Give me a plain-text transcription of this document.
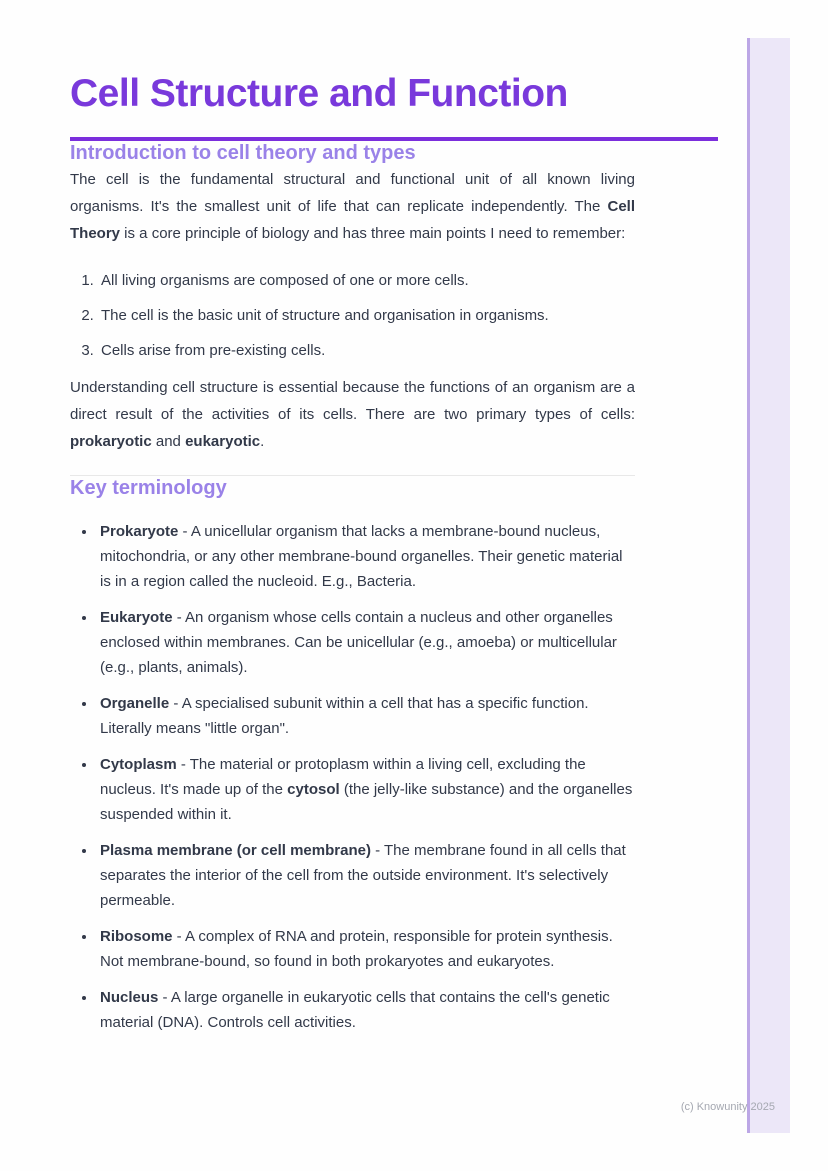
Cell Structure and Function
Introduction to cell theory and types

The cell is the fundamental structural and functional unit of all known living organisms. It's the smallest unit of life that can replicate independently. The Cell Theory is a core principle of biology and has three main points I need to remember:

1. All living organisms are composed of one or more cells.
2. The cell is the basic unit of structure and organisation in organisms.
3. Cells arise from pre-existing cells.

Understanding cell structure is essential because the functions of an organism are a direct result of the activities of its cells. There are two primary types of cells: prokaryotic and eukaryotic.

Key terminology
• Prokaryote - A unicellular organism that lacks a membrane-bound nucleus, mitochondria, or any other membrane-bound organelles. Their genetic material is in a region called the nucleoid. E.g., Bacteria.
• Eukaryote - An organism whose cells contain a nucleus and other organelles enclosed within membranes. Can be unicellular (e.g., amoeba) or multicellular (e.g., plants, animals).
• Organelle - A specialised subunit within a cell that has a specific function. Literally means "little organ".
• Cytoplasm - The material or protoplasm within a living cell, excluding the nucleus. It's made up of the cytosol (the jelly-like substance) and the organelles suspended within it.
• Plasma membrane (or cell membrane) - The membrane found in all cells that separates the interior of the cell from the outside environment. It's selectively permeable.
• Ribosome - A complex of RNA and protein, responsible for protein synthesis. Not membrane-bound, so found in both prokaryotes and eukaryotes.
• Nucleus - A large organelle in eukaryotic cells that contains the cell's genetic material (DNA). Controls cell activities.
(c) Knowunity 2025
